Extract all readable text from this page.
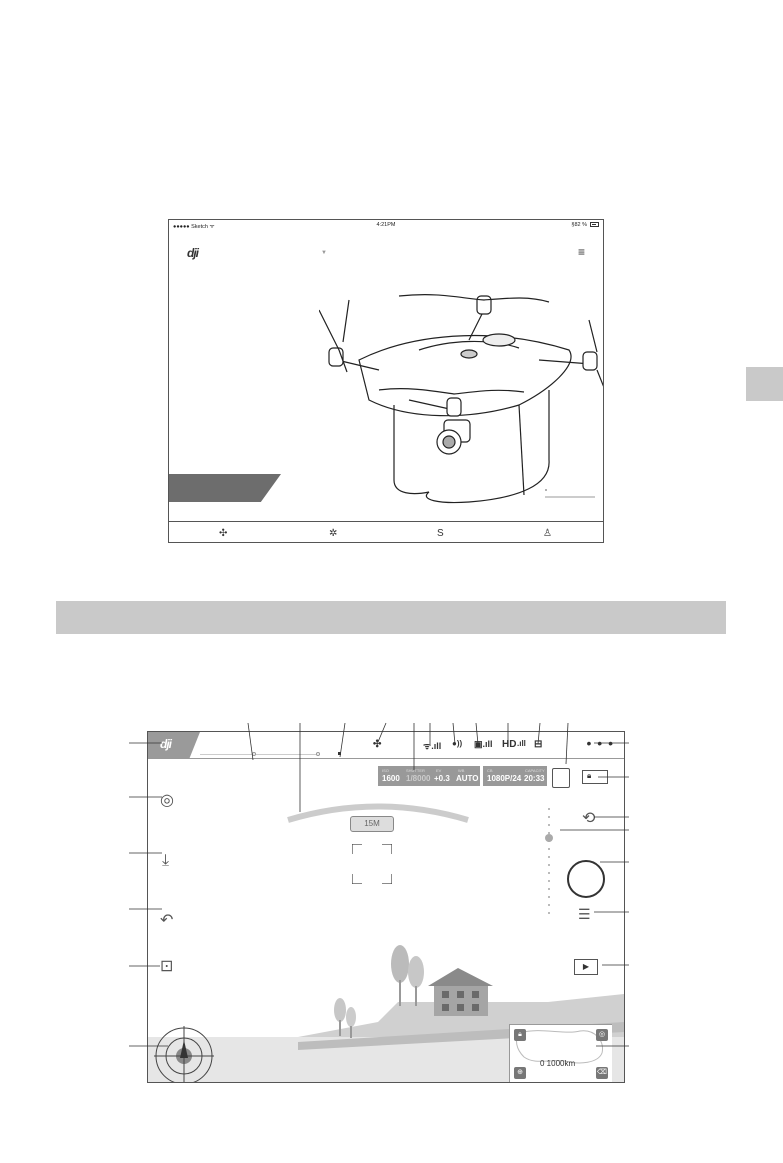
●●●●● Sketch ᯤ	4:21PM	§82 %
dji	▼	≡
✣	✲	S	♙
dji	✣	ᯤ.ıll ●)) ▣.ıll HD .ıll ⊟	• • •
ISO
1600
SHUTTER
1/8000
EV
+0.3
WB
AUTO
CB
1080P/24
CAPACITY
20:33	🔒︎
15M
◎
⤓
↶
⊡
⟲
☰
▶
🔒︎	◎
⊕	⌫
0 1000km
